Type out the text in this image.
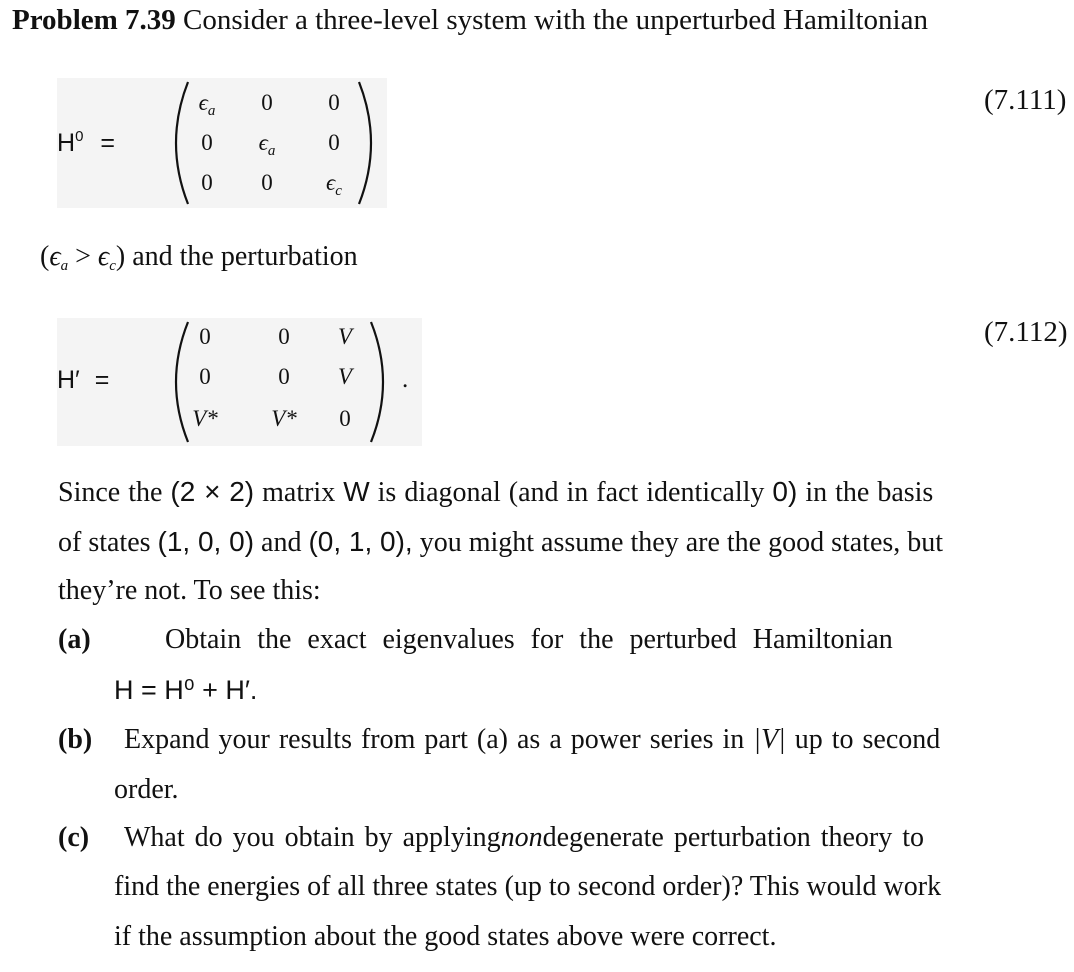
Problem 7.39 Consider a three-level system with the unperturbed Hamiltonian
$H^0$ =
$\epsilon_a$	0	0
0	$\epsilon_a$	0
0	0	$\epsilon_c$
(7.111)
$(\epsilon_a > \epsilon_c)$ and the perturbation
H′ =
0	0	V
0	0	V
V*	V*	0
.
(7.112)
Since the (2 × 2) matrix W is diagonal (and in fact identically 0) in the basis
of states (1, 0, 0) and (0, 1, 0), you might assume they are the good states, but
they’re not. To see this:
(a)	Obtain the exact eigenvalues for the perturbed Hamiltonian
H = H⁰ + H′.
(b) Expand your results from part (a) as a power series in |V| up to second
order.
(c) What do you obtain by applyingnondegenerate perturbation theory to
find the energies of all three states (up to second order)? This would work
if the assumption about the good states above were correct.
